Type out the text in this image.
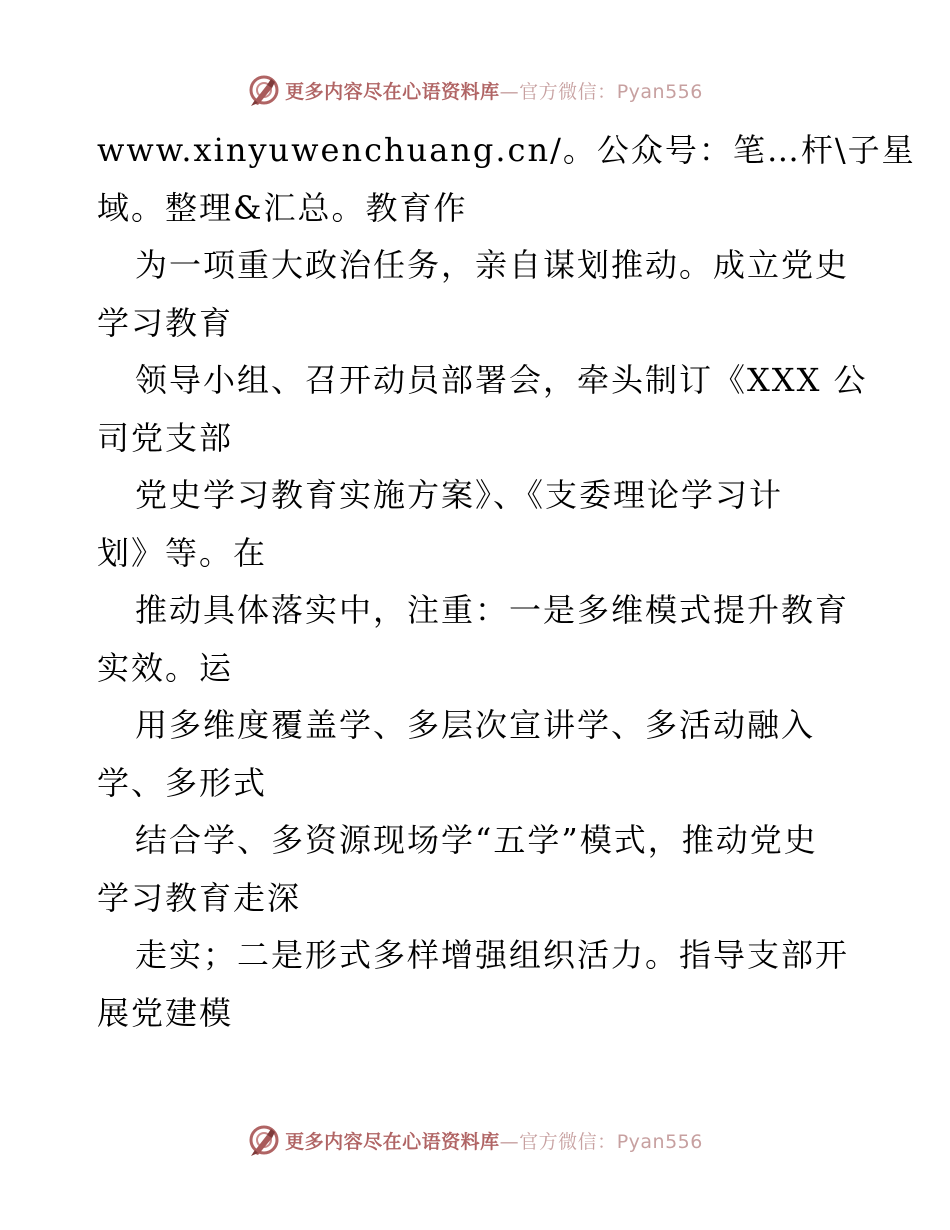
更多内容尽在心语资料库—官方微信：Pyan556
www.xinyuwenchuang.cn/。公众号：笔…杆\子星
域。整理&汇总。教育作
为一项重大政治任务，亲自谋划推动。成立党史
学习教育
领导小组、召开动员部署会，牵头制订《XXX 公
司党支部
党史学习教育实施方案》、《支委理论学习计
划》等。在
推动具体落实中，注重：一是多维模式提升教育
实效。运
用多维度覆盖学、多层次宣讲学、多活动融入
学、多形式
结合学、多资源现场学“五学”模式，推动党史
学习教育走深
走实；二是形式多样增强组织活力。指导支部开
展党建模
更多内容尽在心语资料库—官方微信：Pyan556
